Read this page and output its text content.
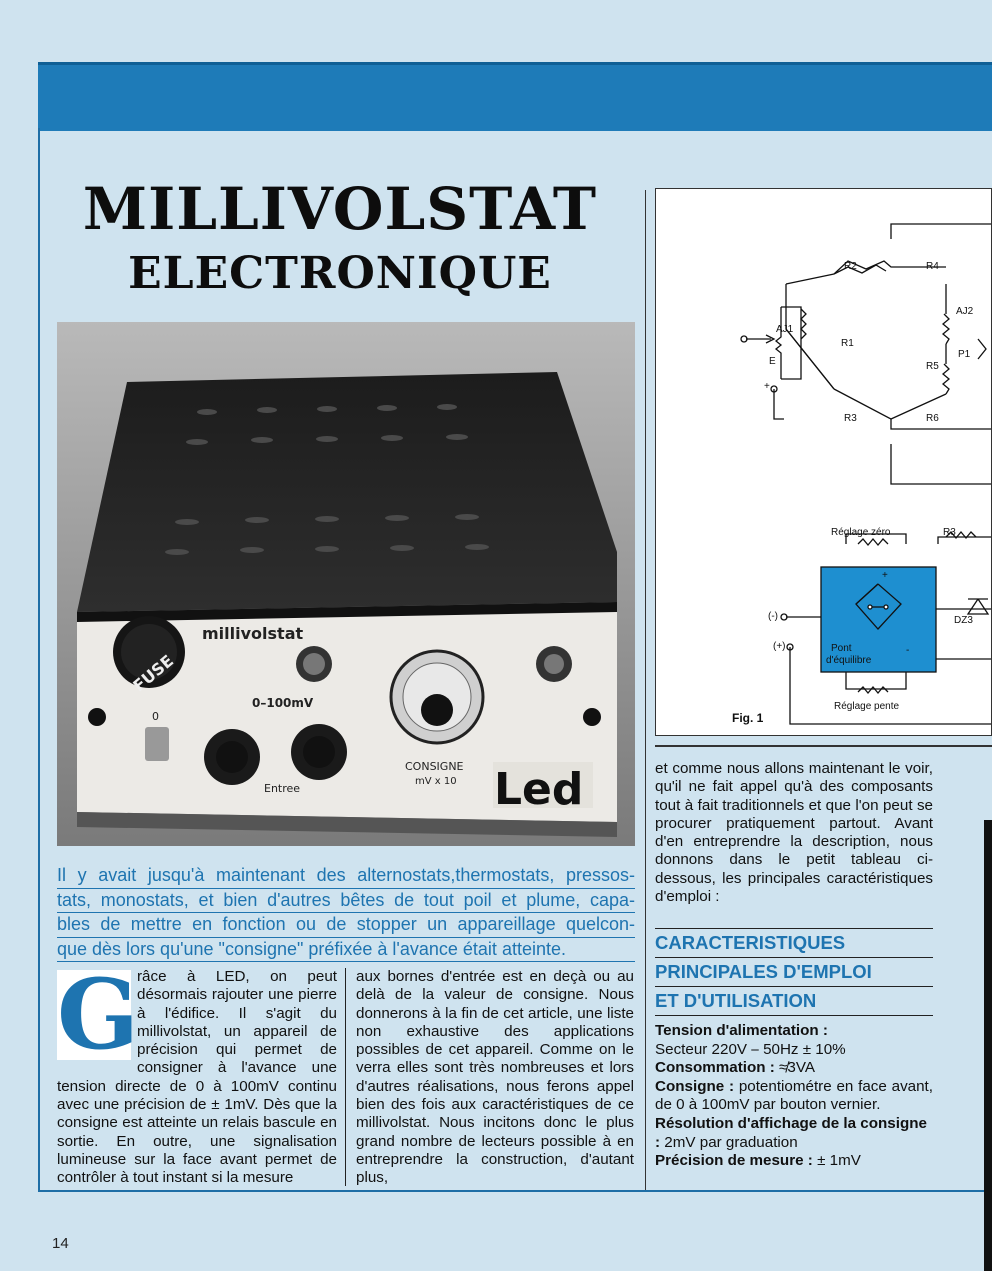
MILLIVOLSTAT
ELECTRONIQUE
FUSE
0
millivolstat
0–100mV
Entree
CONSIGNE
mV x 10 Led
Il y avait jusqu'à maintenant des alternostats,thermostats, pressos-
tats, monostats, et bien d'autres bêtes de tout poil et plume, capa-
bles de mettre en fonction ou de stopper un appareillage quelcon-
que dès lors qu'une "consigne" préfixée à l'avance était atteinte.
G

râce à LED, on peut désormais rajouter une pierre à l'édifice. Il s'agit du millivolstat, un appareil de précision qui permet de consigner à l'avance une tension directe de 0 à 100mV continu avec une précision de ± 1mV. Dès que la consigne est atteinte un relais bascule en sortie. En outre, une signalisation lumineuse sur la face avant permet de contrôler à tout instant si la mesure

aux bornes d'entrée est en deçà ou au delà de la valeur de consigne. Nous donnerons à la fin de cet article, une liste non exhaustive des applications possibles de cet appareil. Comme on le verra elles sont très nombreuses et lors d'autres réalisations, nous ferons appel bien des fois aux caractéristiques de ce millivolstat. Nous incitons donc le plus grand nombre de lecteurs possible à en entreprendre la construction, d'autant plus,

R2	R4
AJ2
AJ1
R1
-
E
+
R5
P1
R3	R6
Réglage zéro	R3
(-)
(+)
+
-
Pont
d'équilibre
DZ3
Réglage pente
Fig. 1

et comme nous allons maintenant le voir, qu'il ne fait appel qu'à des composants tout à fait traditionnels et que l'on peut se procurer pratiquement partout. Avant d'en entreprendre la description, nous donnons dans le petit tableau ci-dessous, les principales caractéristiques d'emploi :

CARACTERISTIQUES
PRINCIPALES D'EMPLOI
ET D'UTILISATION

Tension d'alimentation :
Secteur 220V ⎯ 50Hz ± 10%

Consommation : ≉3VA

Consigne : potentiométre en face avant, de 0 à 100mV par bouton vernier.

Résolution d'affichage de la consigne : 2mV par graduation

Précision de mesure : ± 1mV

14
